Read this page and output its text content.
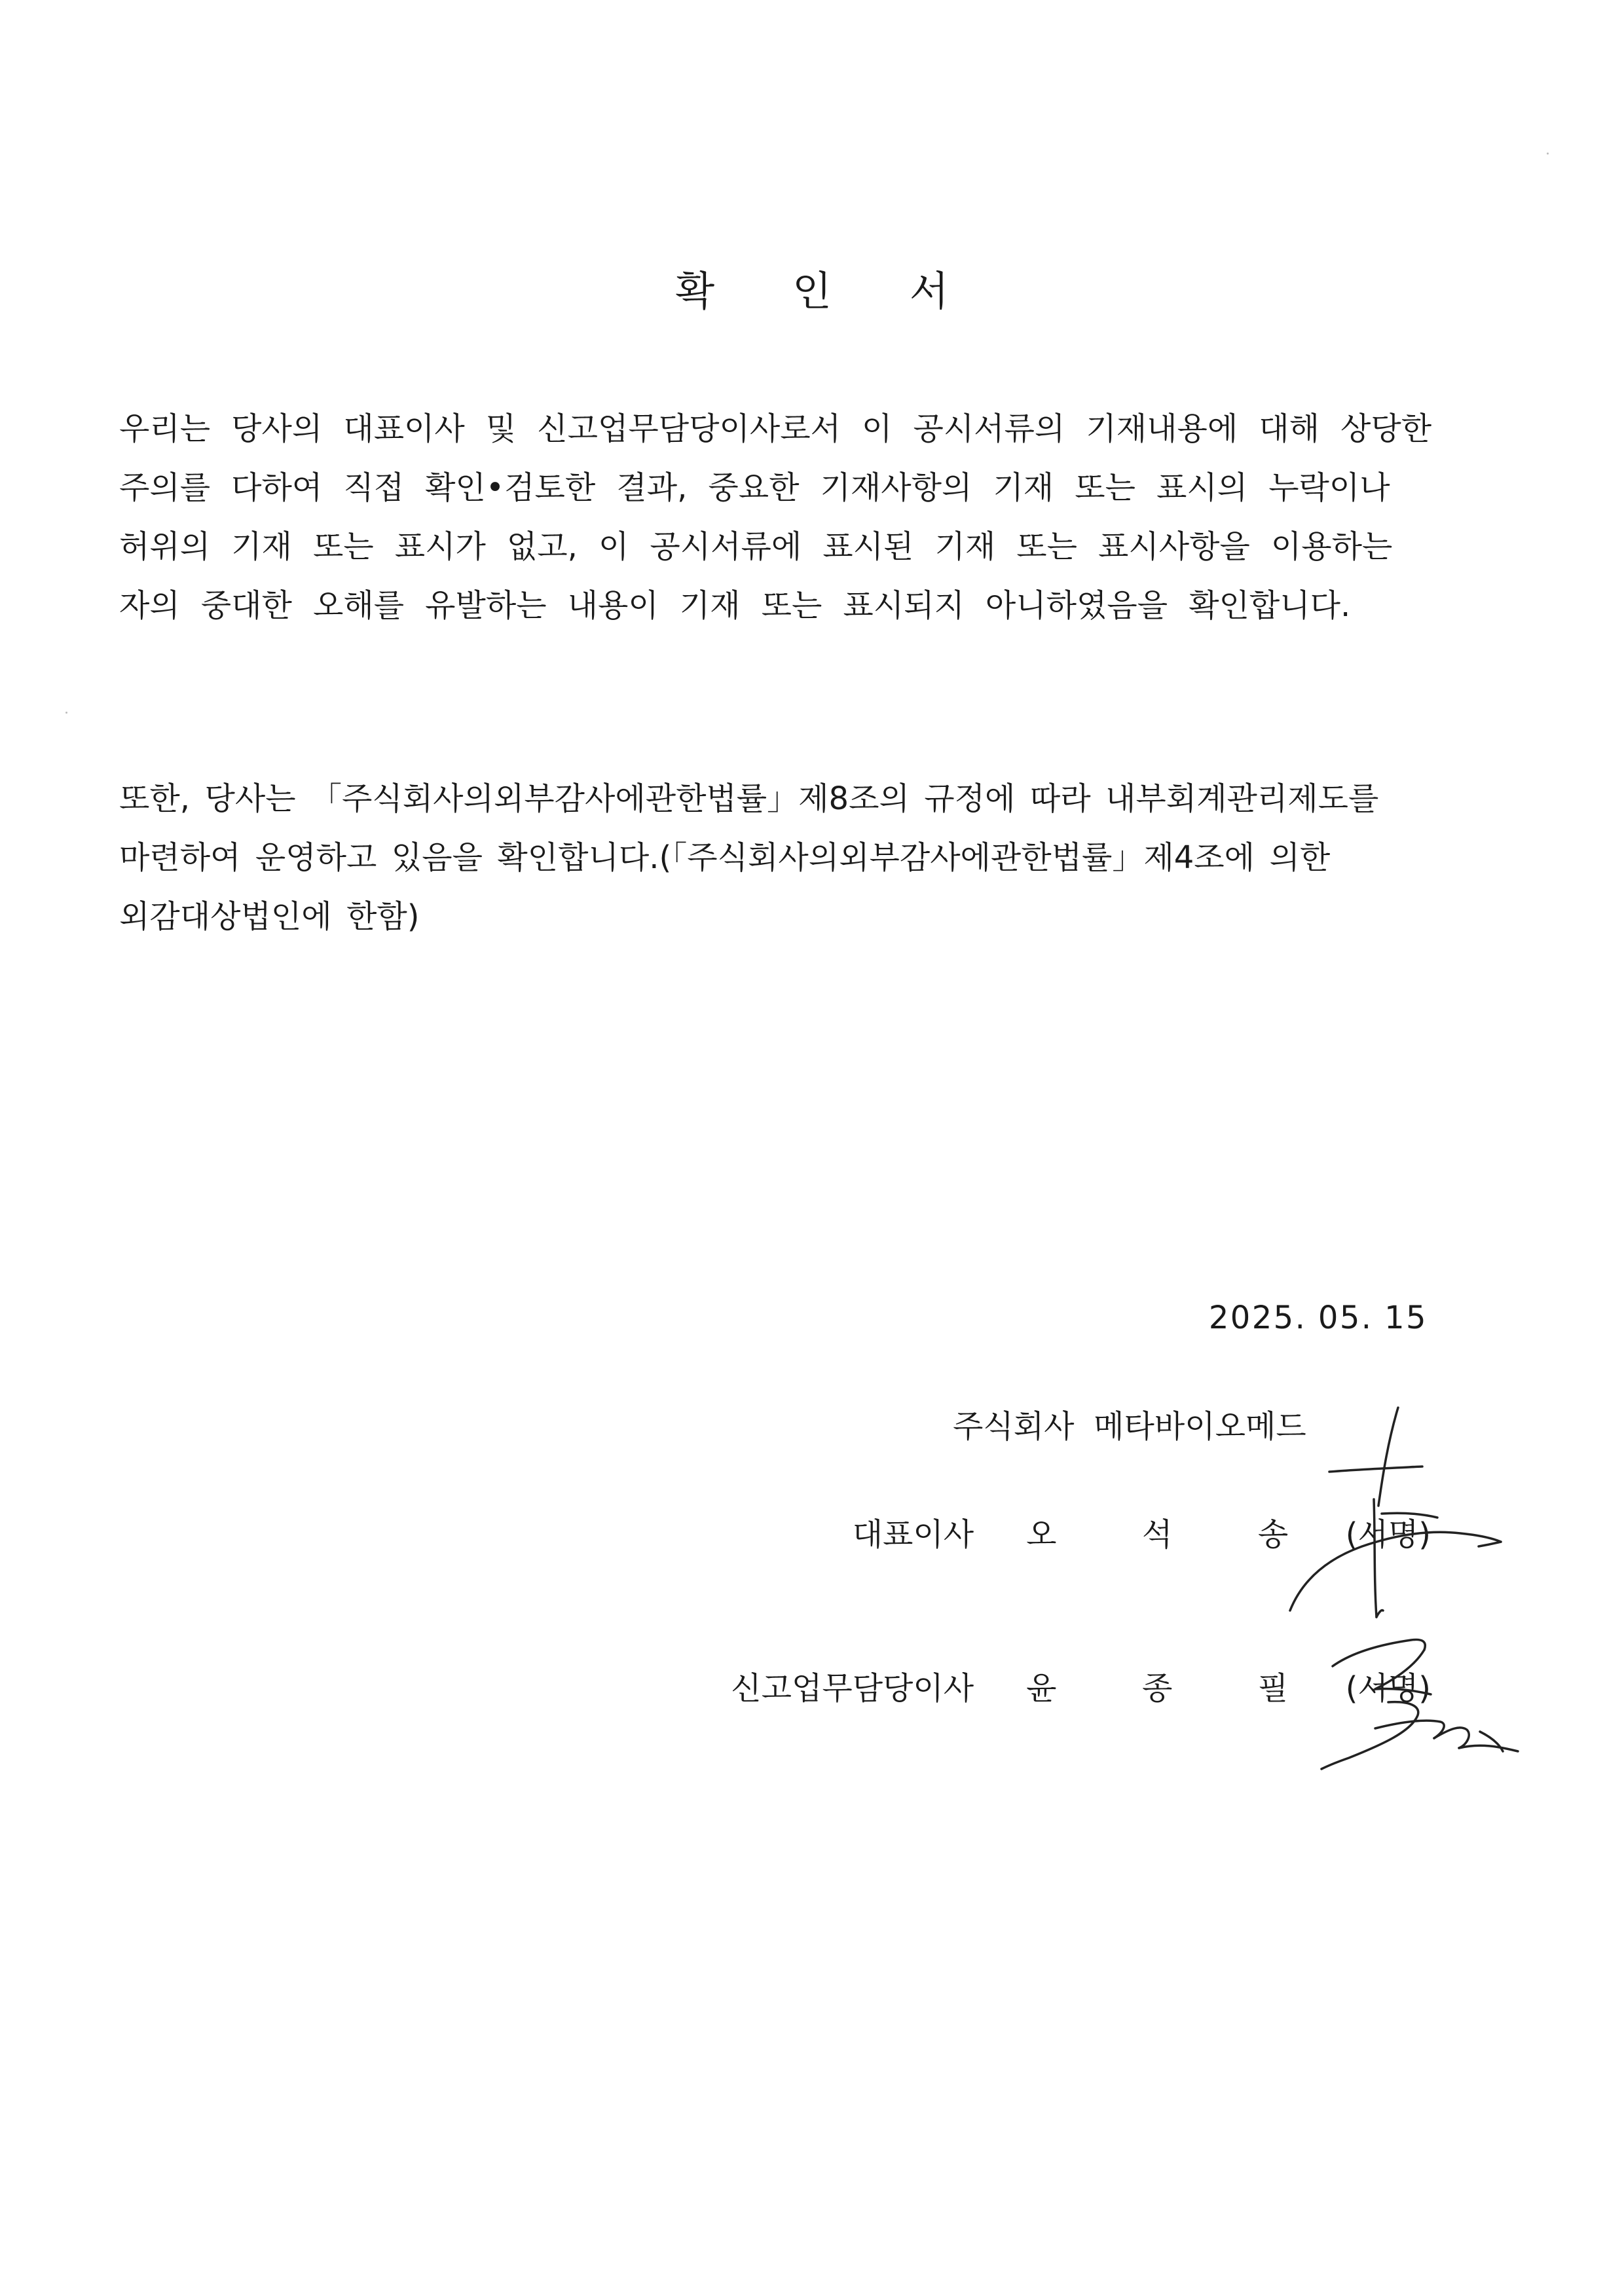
확 인 서

우리는 당사의 대표이사 및 신고업무담당이사로서 이 공시서류의 기재내용에 대해 상당한

주의를 다하여 직접 확인•검토한 결과, 중요한 기재사항의 기재 또는 표시의 누락이나

허위의 기재 또는 표시가 없고, 이 공시서류에 표시된 기재 또는 표시사항을 이용하는

자의 중대한 오해를 유발하는 내용이 기재 또는 표시되지 아니하였음을 확인합니다.

또한, 당사는 「주식회사의외부감사에관한법률」제8조의 규정에 따라 내부회계관리제도를

마련하여 운영하고 있음을 확인합니다.(「주식회사의외부감사에관한법률」제4조에 의한

외감대상법인에 한함)

2025. 05. 15
주식회사 메타바이오메드
대표이사 오 석 송 (서명)
신고업무담당이사 윤 종 필 (서명)
